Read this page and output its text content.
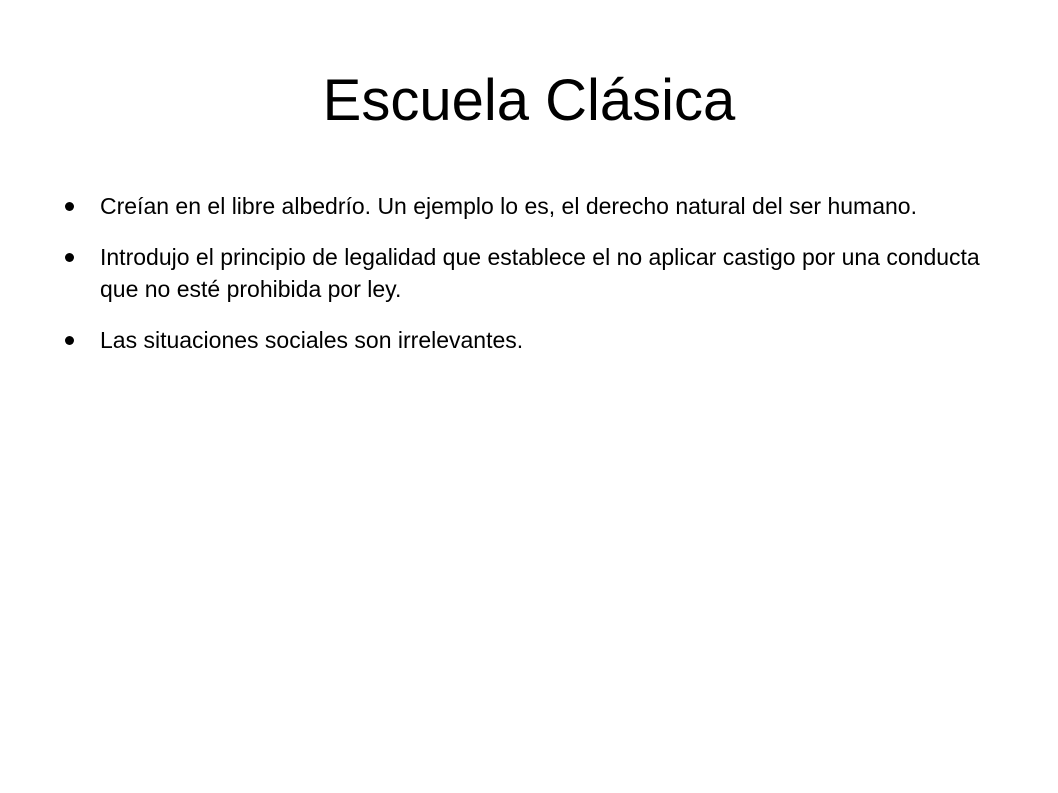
Escuela Clásica
Creían en el libre albedrío. Un ejemplo lo es, el derecho natural del ser humano.
Introdujo el principio de legalidad que establece el no aplicar castigo por una conducta que no esté prohibida por ley.
Las situaciones sociales son irrelevantes.
